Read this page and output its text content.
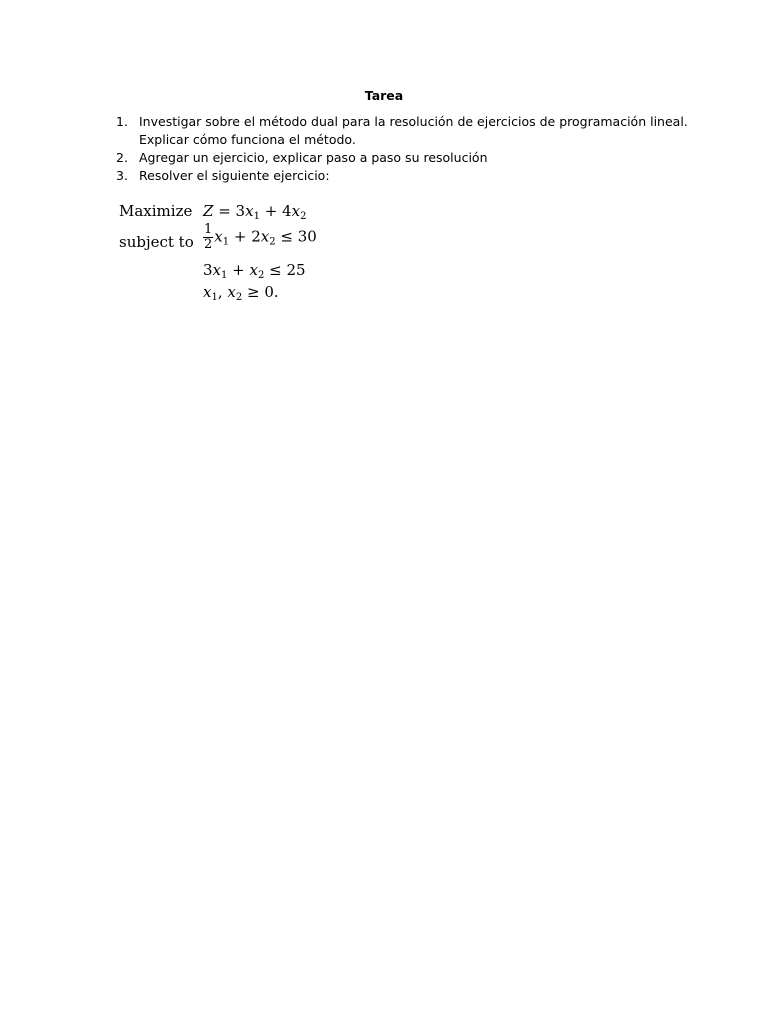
Tarea
1. Investigar sobre el método dual para la resolución de ejercicios de programación lineal.
Explicar cómo funciona el método.
2. Agregar un ejercicio, explicar paso a paso su resolución
3. Resolver el siguiente ejercicio:
Maximize $Z = 3x_1 + 4x_2$
subject to $\frac{1}{2} x_1 + 2x_2 \le 30$
$3x_1 + x_2 \le 25$
$x_1$, $x_2 \ge 0$.
